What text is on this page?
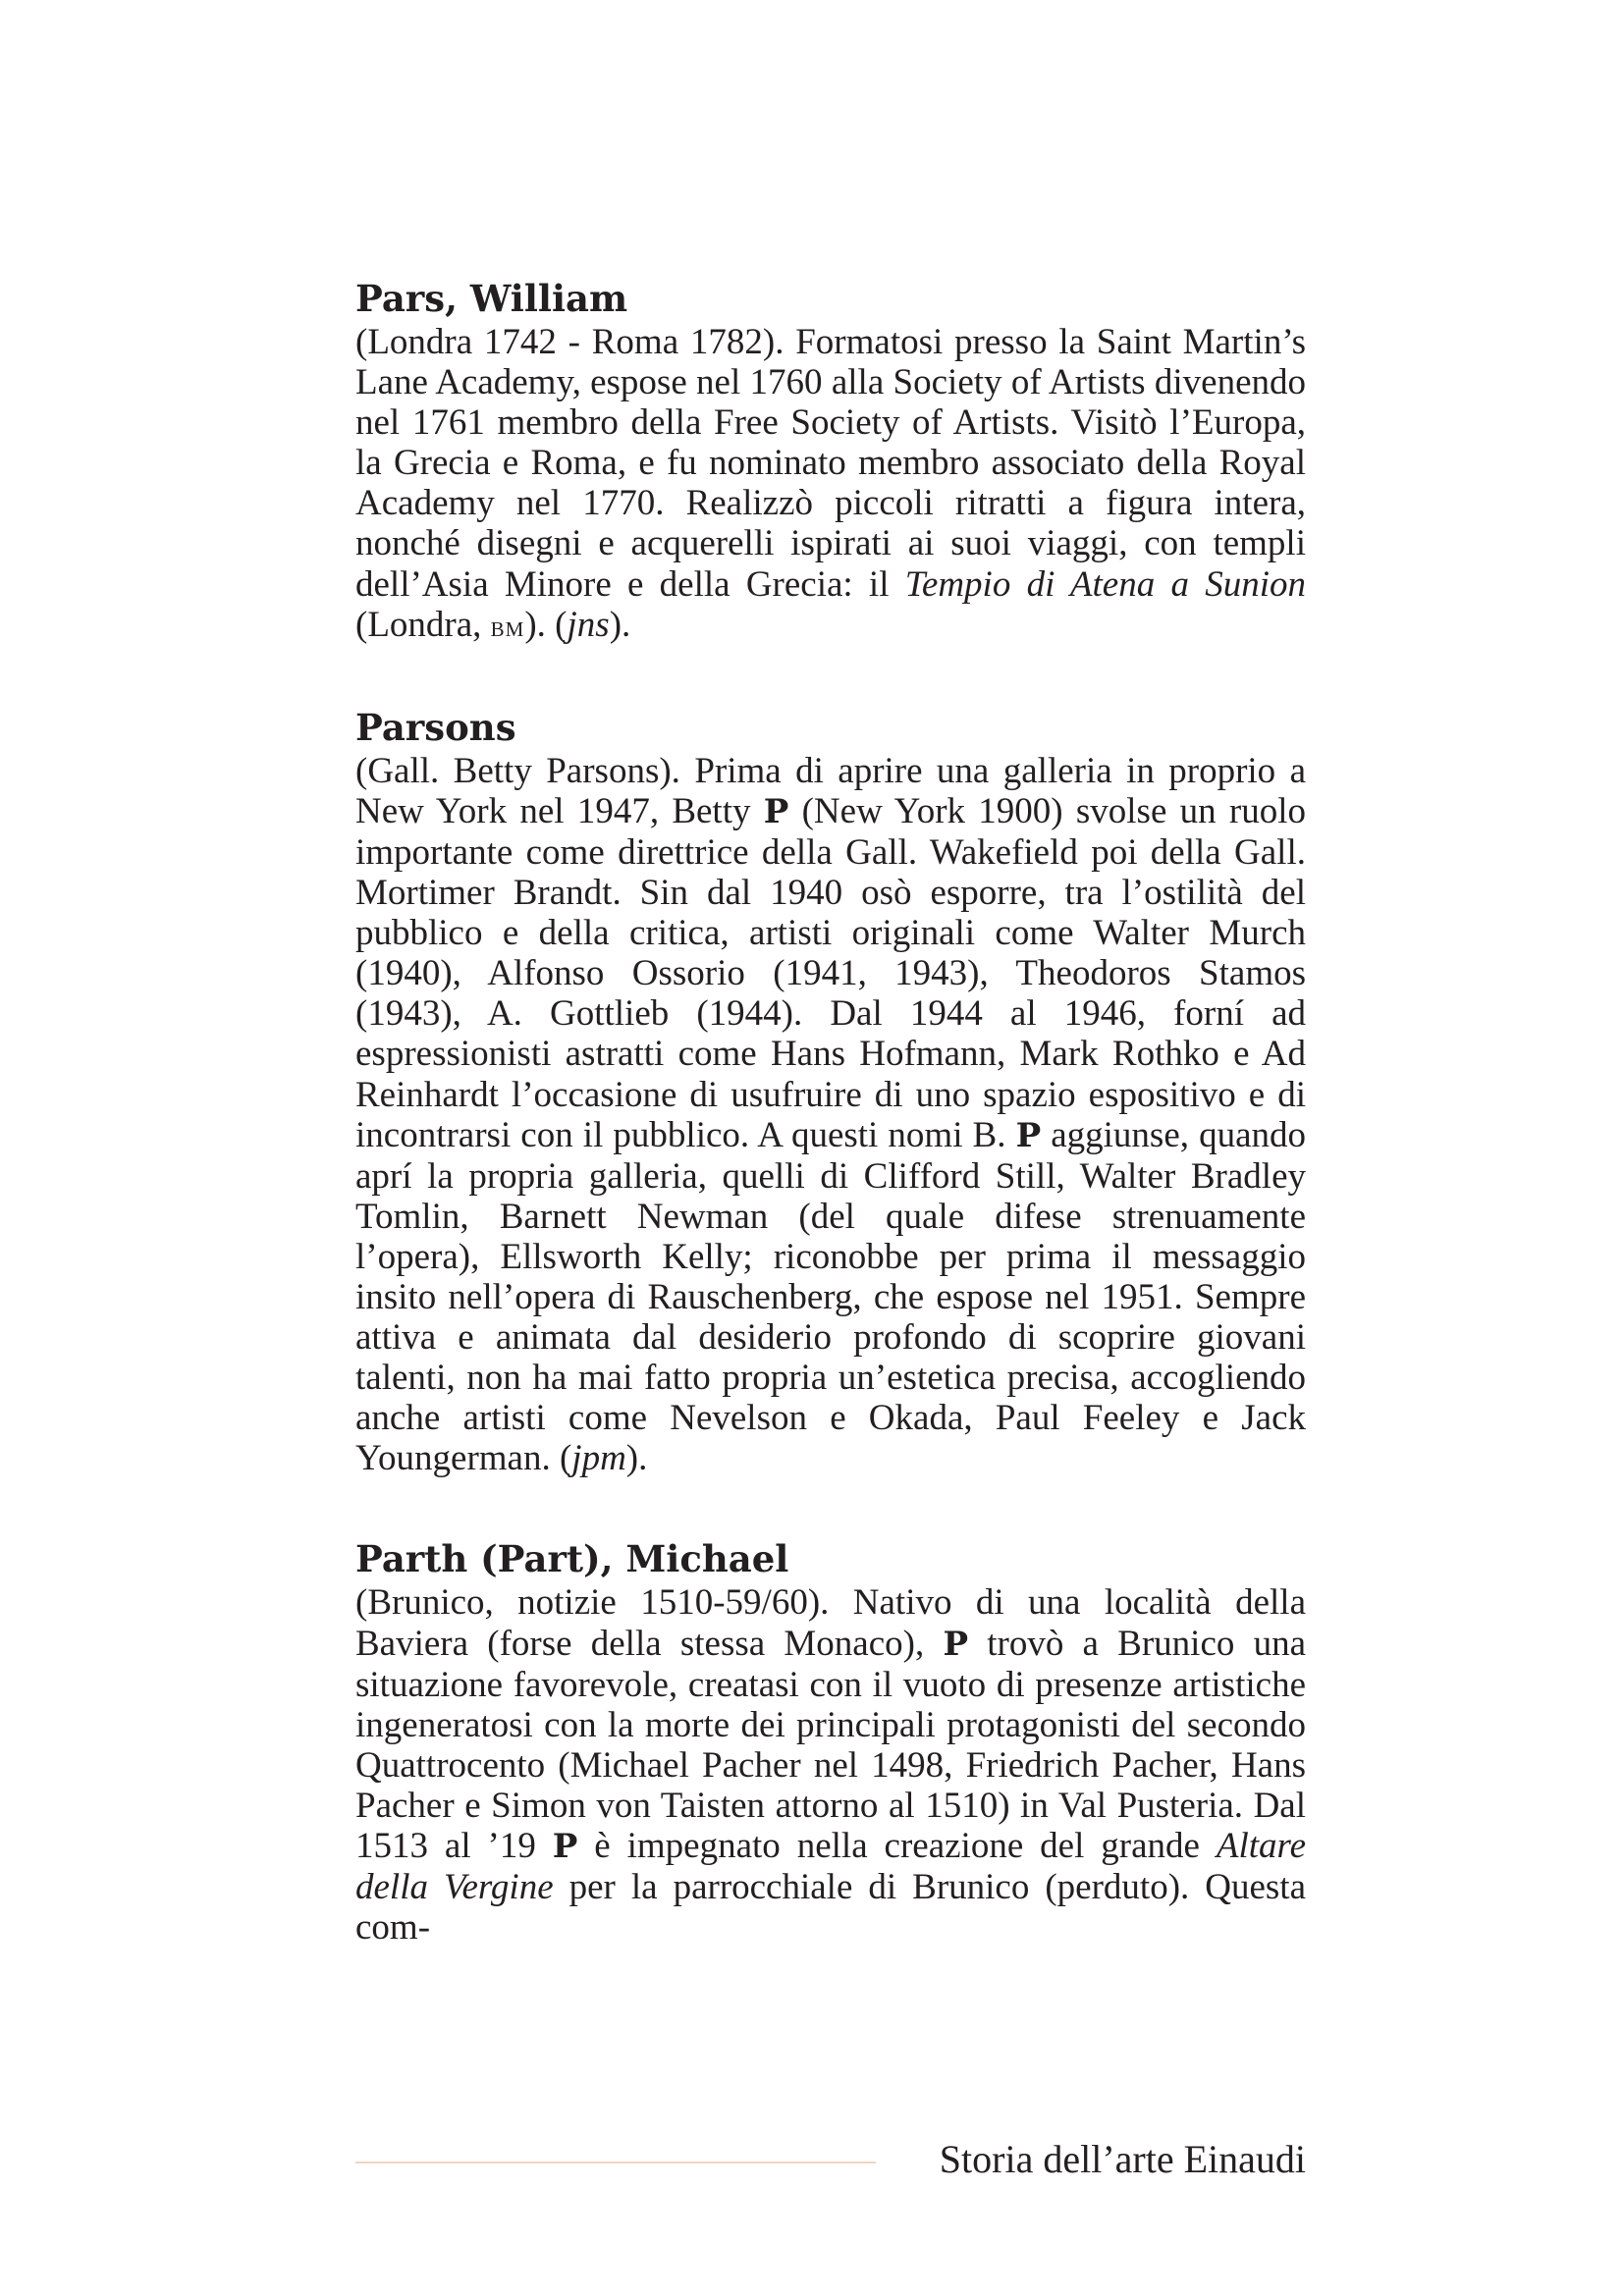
Pars, William

(Londra 1742 - Roma 1782). Formatosi presso la Saint Martin’s Lane Academy, espose nel 1760 alla Society of Artists divenendo nel 1761 membro della Free Society of Artists. Visitò l’Europa, la Grecia e Roma, e fu nominato membro associato della Royal Academy nel 1770. Realizzò piccoli ritratti a figura intera, nonché disegni e acquerelli ispirati ai suoi viaggi, con templi dell’Asia Minore e della Grecia: il Tempio di Atena a Sunion (Londra, bm). (jns).

Parsons

(Gall. Betty Parsons). Prima di aprire una galleria in proprio a New York nel 1947, Betty P (New York 1900) svolse un ruolo importante come direttrice della Gall. Wakefield poi della Gall. Mortimer Brandt. Sin dal 1940 osò esporre, tra l’ostilità del pubblico e della critica, artisti originali come Walter Murch (1940), Alfonso Ossorio (1941, 1943), Theodoros Stamos (1943), A. Gottlieb (1944). Dal 1944 al 1946, forní ad espressionisti astratti come Hans Hofmann, Mark Rothko e Ad Reinhardt l’occasione di usufruire di uno spazio espositivo e di incontrarsi con il pubblico. A questi nomi B. P aggiunse, quando aprí la propria galleria, quelli di Clifford Still, Walter Bradley Tomlin, Barnett Newman (del quale difese strenuamente l’opera), Ellsworth Kelly; riconobbe per prima il messaggio insito nell’opera di Rauschenberg, che espose nel 1951. Sempre attiva e animata dal desiderio profondo di scoprire giovani talenti, non ha mai fatto propria un’estetica precisa, accogliendo anche artisti come Nevelson e Okada, Paul Feeley e Jack Youngerman. (jpm).

Parth (Part), Michael

(Brunico, notizie 1510-59/60). Nativo di una località della Baviera (forse della stessa Monaco), P trovò a Brunico una situazione favorevole, creatasi con il vuoto di presenze artistiche ingeneratosi con la morte dei principali protagonisti del secondo Quattrocento (Michael Pacher nel 1498, Friedrich Pacher, Hans Pacher e Simon von Taisten attorno al 1510) in Val Pusteria. Dal 1513 al ’19 P è impegnato nella creazione del grande Altare della Vergine per la parrocchiale di Brunico (perduto). Questa com-

Storia dell’arte Einaudi
